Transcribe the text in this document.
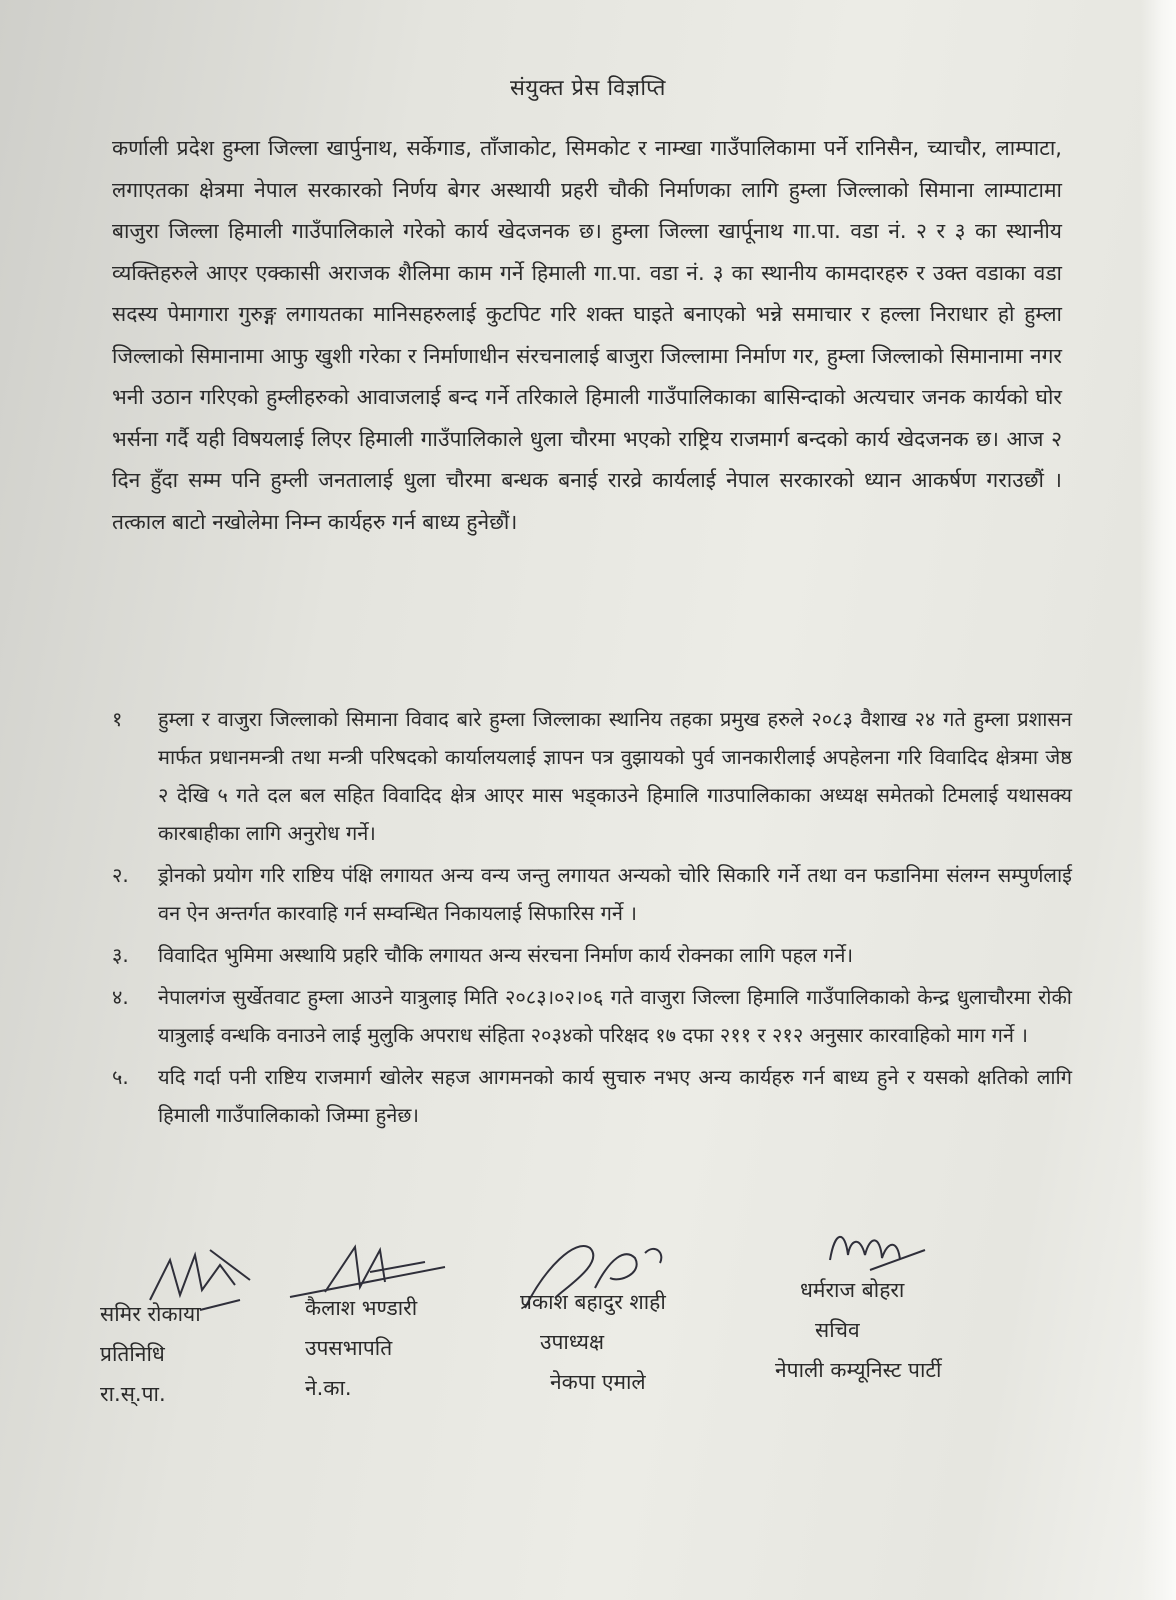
संयुक्त प्रेस विज्ञप्ति

कर्णाली प्रदेश हुम्ला जिल्ला खार्पुनाथ, सर्केगाड, ताँजाकोट, सिमकोट र नाम्खा गाउँपालिकामा पर्ने रानिसैन, च्याचौर, लाम्पाटा, लगाएतका क्षेत्रमा नेपाल सरकारको निर्णय बेगर अस्थायी प्रहरी चौकी निर्माणका लागि हुम्ला जिल्लाको सिमाना लाम्पाटामा बाजुरा जिल्ला हिमाली गाउँपालिकाले गरेको कार्य खेदजनक छ। हुम्ला जिल्ला खार्पूनाथ गा.पा. वडा नं. २ र ३ का स्थानीय व्यक्तिहरुले आएर एक्कासी अराजक शैलिमा काम गर्ने हिमाली गा.पा. वडा नं. ३ का स्थानीय कामदारहरु र उक्त वडाका वडा सदस्य पेमागारा गुरुङ्ग लगायतका मानिसहरुलाई कुटपिट गरि शक्त घाइते बनाएको भन्ने समाचार र हल्ला निराधार हो हुम्ला जिल्लाको सिमानामा आफु खुशी गरेका र निर्माणाधीन संरचनालाई बाजुरा जिल्लामा निर्माण गर, हुम्ला जिल्लाको सिमानामा नगर भनी उठान गरिएको हुम्लीहरुको आवाजलाई बन्द गर्ने तरिकाले हिमाली गाउँपालिकाका बासिन्दाको अत्यचार जनक कार्यको घोर भर्सना गर्दै यही विषयलाई लिएर हिमाली गाउँपालिकाले धुला चौरमा भएको राष्ट्रिय राजमार्ग बन्दको कार्य खेदजनक छ। आज २ दिन हुँदा सम्म पनि हुम्ली जनतालाई धुला चौरमा बन्धक बनाई रारव्रे कार्यलाई नेपाल सरकारको ध्यान आकर्षण गराउछौं । तत्काल बाटो नखोलेमा निम्न कार्यहरु गर्न बाध्य हुनेछौं।

१	हुम्ला र वाजुरा जिल्लाको सिमाना विवाद बारे हुम्ला जिल्लाका स्थानिय तहका प्रमुख हरुले २०८३ वैशाख २४ गते हुम्ला प्रशासन मार्फत प्रधानमन्त्री तथा मन्त्री परिषदको कार्यालयलाई ज्ञापन पत्र वुझायको पुर्व जानकारीलाई अपहेलना गरि विवादिद क्षेत्रमा जेष्ठ २ देखि ५ गते दल बल सहित विवादिद क्षेत्र आएर मास भड्काउने हिमालि गाउपालिकाका अध्यक्ष समेतको टिमलाई यथासक्य कारबाहीका लागि अनुरोध गर्ने।
२.	ड्रोनको प्रयोग गरि राष्टिय पंक्षि लगायत अन्य वन्य जन्तु लगायत अन्यको चोरि सिकारि गर्ने तथा वन फडानिमा संलग्न सम्पुर्णलाई वन ऐन अन्तर्गत कारवाहि गर्न सम्वन्धित निकायलाई सिफारिस गर्ने ।
३.	विवादित भुमिमा अस्थायि प्रहरि चौकि लगायत अन्य संरचना निर्माण कार्य रोक्नका लागि पहल गर्ने।
४.	नेपालगंज सुर्खेतवाट हुम्ला आउने यात्रुलाइ मिति २०८३।०२।०६ गते वाजुरा जिल्ला हिमालि गाउँपालिकाको केन्द्र धुलाचौरमा रोकी यात्रुलाई वन्धकि वनाउने लाई मुलुकि अपराध संहिता २०३४को परिक्षद १७ दफा २११ र २१२ अनुसार कारवाहिको माग गर्ने ।
५.	यदि गर्दा पनी राष्टिय राजमार्ग खोलेर सहज आगमनको कार्य सुचारु नभए अन्य कार्यहरु गर्न बाध्य हुने र यसको क्षतिको लागि हिमाली गाउँपालिकाको जिम्मा हुनेछ।
समिर रोकाया
प्रतिनिधि
रा.स्.पा.
कैलाश भण्डारी
उपसभापति
ने.का.
प्रकाश बहादुर शाही
उपाध्यक्ष
नेकपा एमाले
धर्मराज बोहरा
सचिव
नेपाली कम्यूनिस्ट पार्टी
